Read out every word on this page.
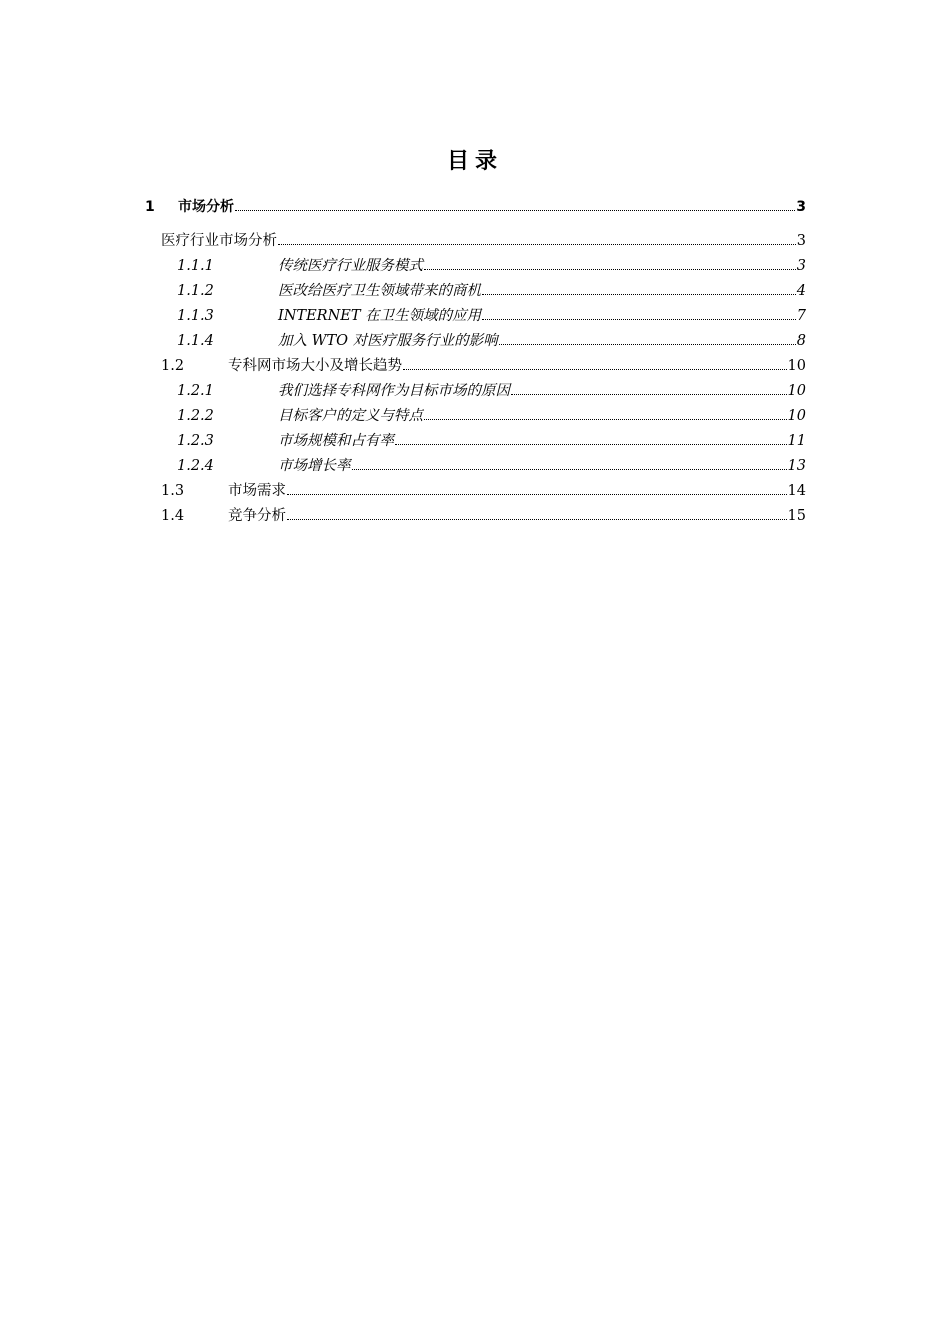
目录
1	市场分析	3
医疗行业市场分析	3
1.1.1	传统医疗行业服务模式	3
1.1.2	医改给医疗卫生领域带来的商机	4
1.1.3	INTERNET 在卫生领域的应用	7
1.1.4	加入 WTO 对医疗服务行业的影响	8
1.2	专科网市场大小及增长趋势	10
1.2.1	我们选择专科网作为目标市场的原因	10
1.2.2	目标客户的定义与特点	10
1.2.3	市场规模和占有率	11
1.2.4	市场增长率	13
1.3	市场需求	14
1.4	竞争分析	15
